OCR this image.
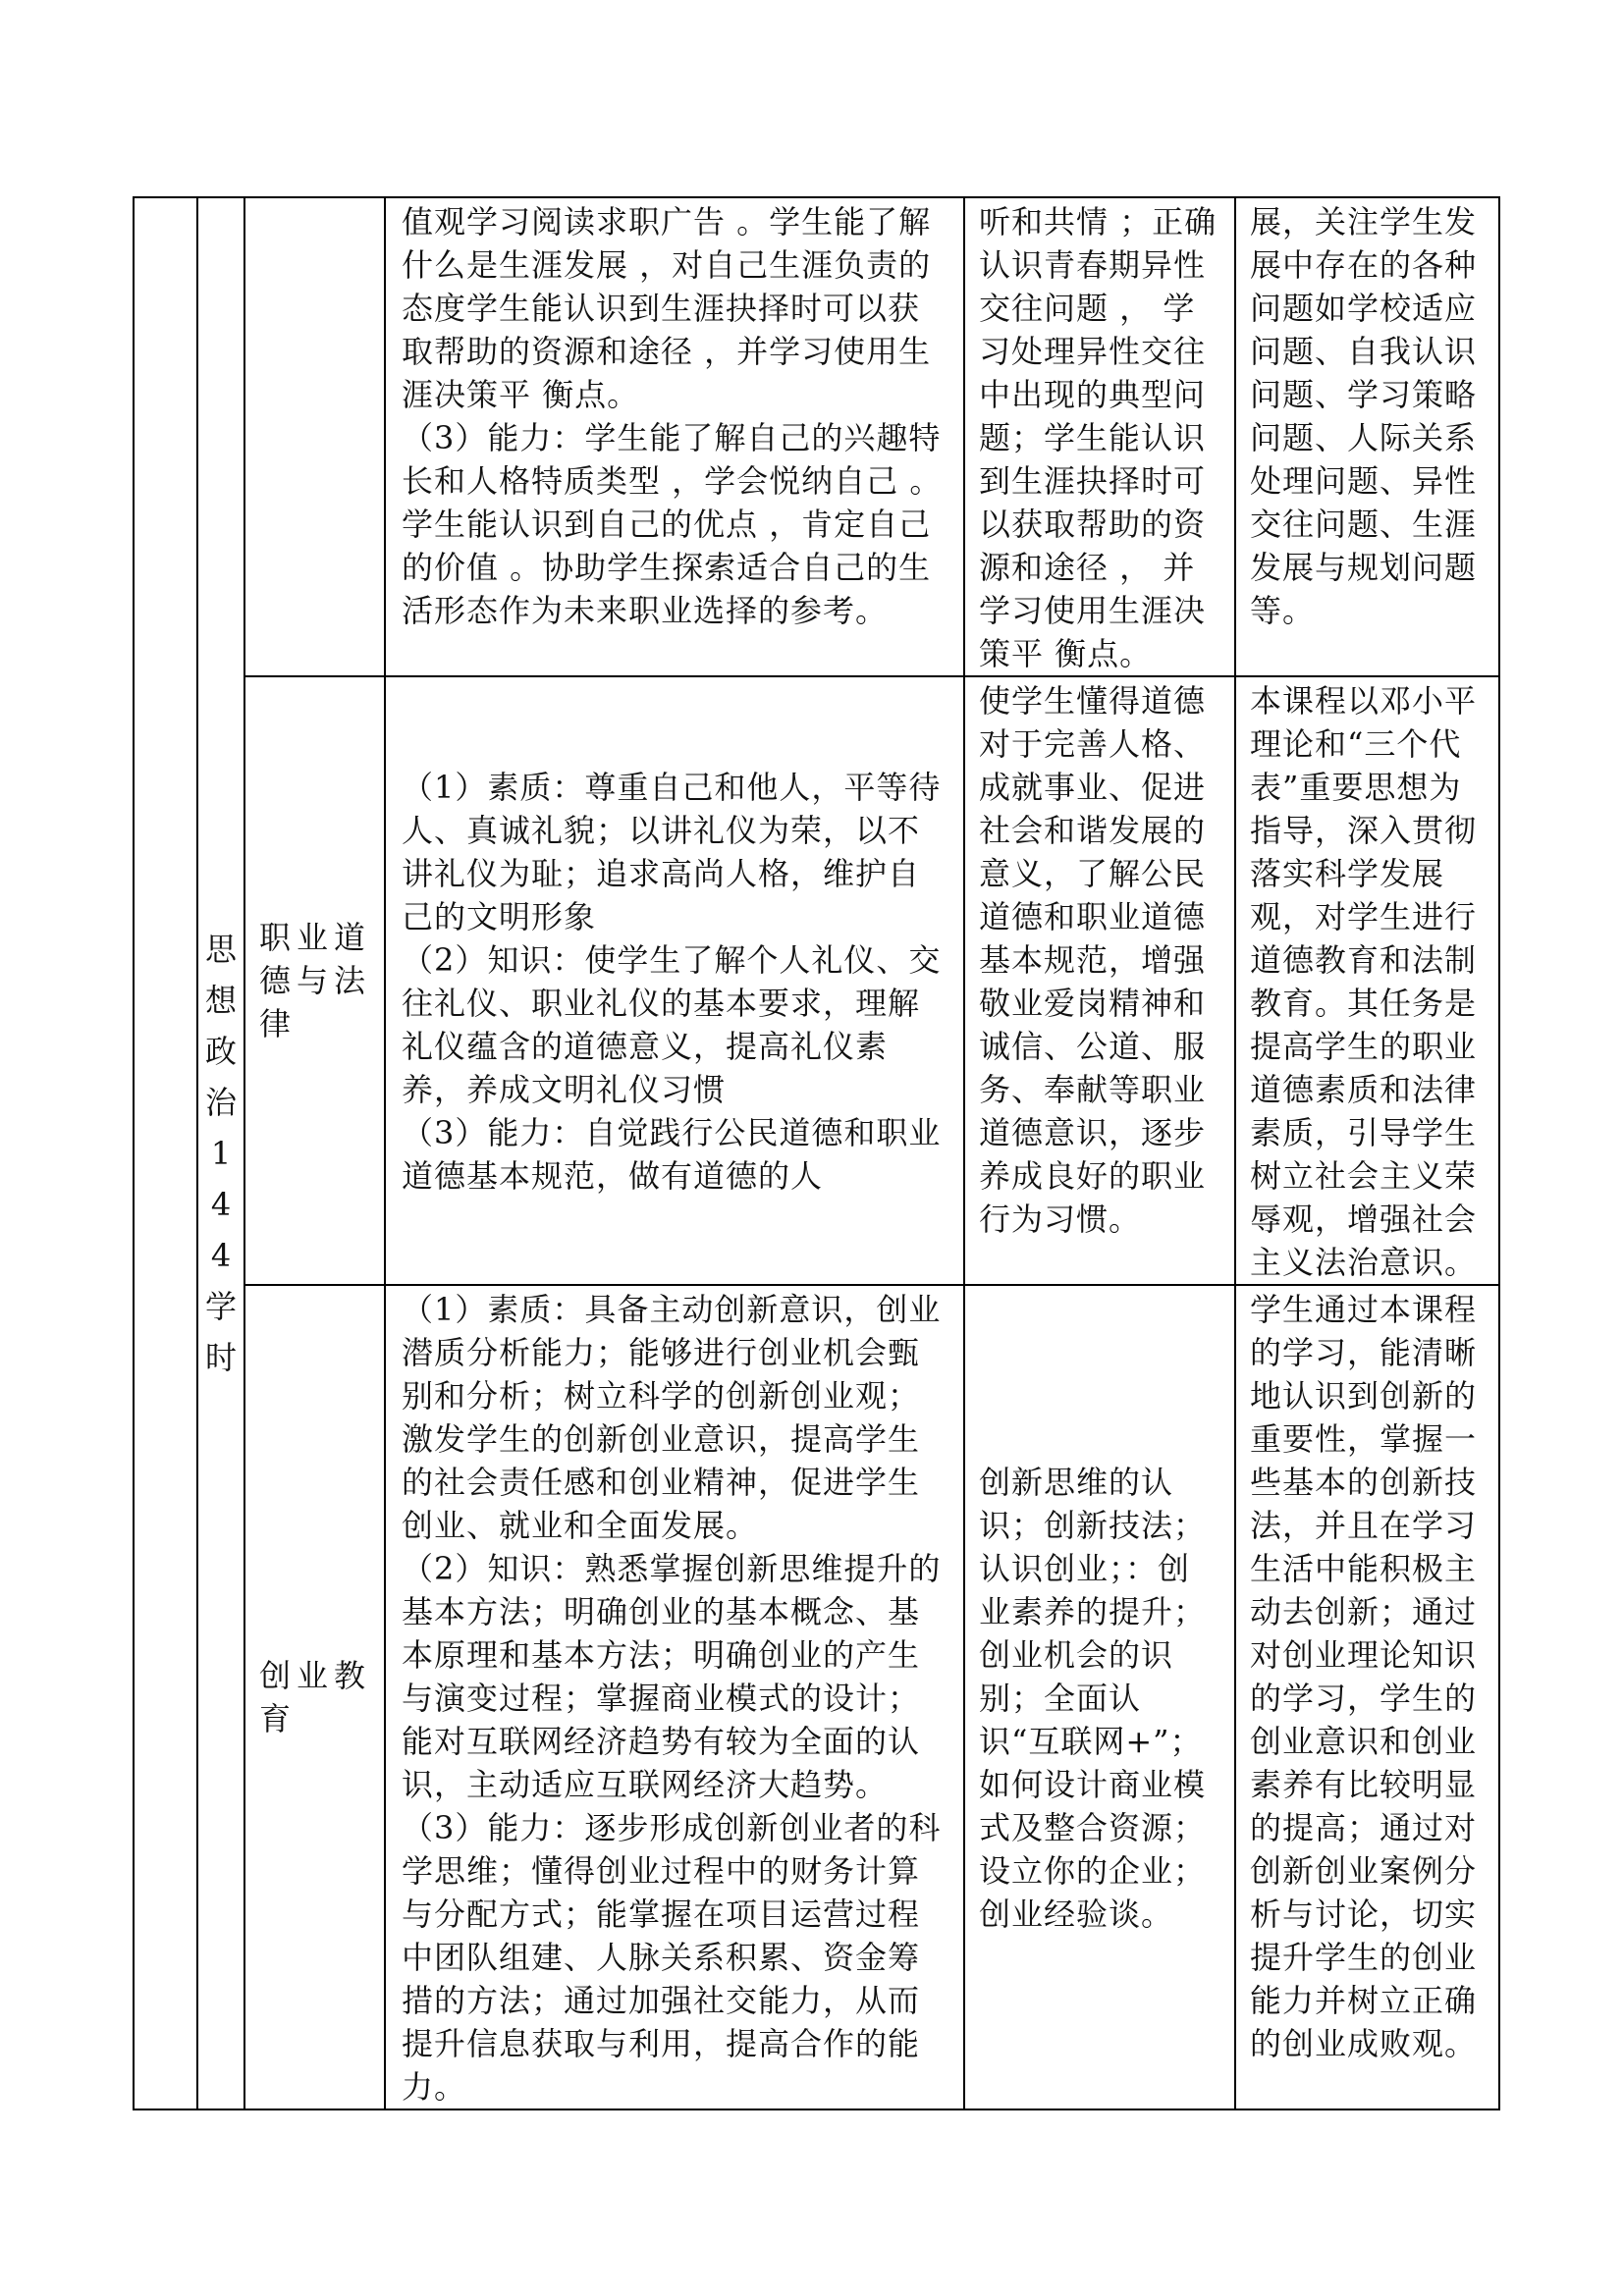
	思想政治144学时		值观学习阅读求职广告 。学生能了解什么是生涯发展 ，对自己生涯负责的态度学生能认识到生涯抉择时可以获取帮助的资源和途径 ，并学习使用生涯决策平 衡点。
（3）能力：学生能了解自己的兴趣特长和人格特质类型 ，学会悦纳自己 。学生能认识到自己的优点 ，肯定自己的价值 。协助学生探索适合自己的生活形态作为未来职业选择的参考。	听和共情 ；正确认识青春期异性交往问题 ， 学习处理异性交往中出现的典型问题；学生能认识到生涯抉择时可以获取帮助的资源和途径 ， 并学习使用生涯决策平 衡点。	展，关注学生发展中存在的各种问题如学校适应问题、自我认识问题、学习策略问题、人际关系处理问题、异性交往问题、生涯发展与规划问题等。

		职业道德与法律	（1）素质：尊重自己和他人，平等待人、真诚礼貌；以讲礼仪为荣，以不讲礼仪为耻；追求高尚人格，维护自己的文明形象
（2）知识：使学生了解个人礼仪、交往礼仪、职业礼仪的基本要求，理解礼仪蕴含的道德意义，提高礼仪素养，养成文明礼仪习惯
（3）能力：自觉践行公民道德和职业道德基本规范，做有道德的人	使学生懂得道德对于完善人格、成就事业、促进社会和谐发展的意义，了解公民道德和职业道德基本规范，增强敬业爱岗精神和诚信、公道、服务、奉献等职业道德意识，逐步养成良好的职业行为习惯。	本课程以邓小平理论和“三个代表”重要思想为指导，深入贯彻落实科学发展观，对学生进行道德教育和法制教育。其任务是提高学生的职业道德素质和法律素质，引导学生树立社会主义荣辱观，增强社会主义法治意识。

		创业教育	（1）素质：具备主动创新意识，创业潜质分析能力；能够进行创业机会甄别和分析；树立科学的创新创业观；激发学生的创新创业意识，提高学生的社会责任感和创业精神，促进学生创业、就业和全面发展。
（2）知识：熟悉掌握创新思维提升的基本方法；明确创业的基本概念、基本原理和基本方法；明确创业的产生与演变过程；掌握商业模式的设计；能对互联网经济趋势有较为全面的认识，主动适应互联网经济大趋势。
（3）能力：逐步形成创新创业者的科学思维；懂得创业过程中的财务计算与分配方式；能掌握在项目运营过程中团队组建、人脉关系积累、资金筹措的方法；通过加强社交能力，从而提升信息获取与利用，提高合作的能力。	创新思维的认识；创新技法；认识创业；：创业素养的提升；创业机会的识别；全面认识“互联网+”；如何设计商业模式及整合资源；设立你的企业；创业经验谈。	学生通过本课程的学习，能清晰地认识到创新的重要性，掌握一些基本的创新技法，并且在学习生活中能积极主动去创新；通过对创业理论知识的学习，学生的创业意识和创业素养有比较明显的提高；通过对创新创业案例分析与讨论，切实提升学生的创业能力并树立正确的创业成败观。
